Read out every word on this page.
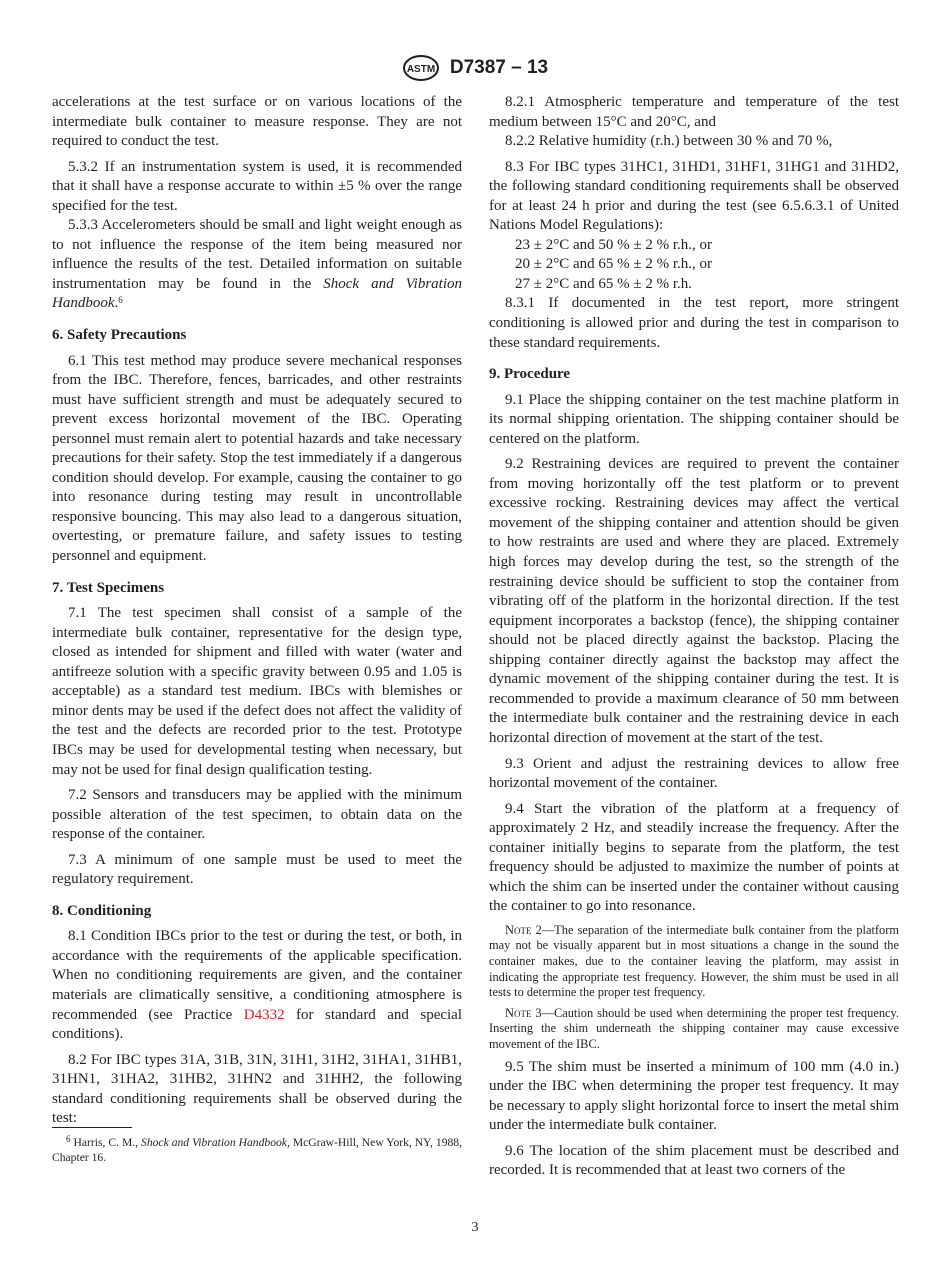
ASTM D7387 – 13

accelerations at the test surface or on various locations of the intermediate bulk container to measure response. They are not required to conduct the test.

5.3.2 If an instrumentation system is used, it is recommended that it shall have a response accurate to within ±5 % over the range specified for the test.

5.3.3 Accelerometers should be small and light weight enough as to not influence the response of the item being measured nor influence the results of the test. Detailed information on suitable instrumentation may be found in the Shock and Vibration Handbook.$^6$

6. Safety Precautions

6.1 This test method may produce severe mechanical responses from the IBC. Therefore, fences, barricades, and other restraints must have sufficient strength and must be adequately secured to prevent excess horizontal movement of the IBC. Operating personnel must remain alert to potential hazards and take necessary precautions for their safety. Stop the test immediately if a dangerous condition should develop. For example, causing the container to go into resonance during testing may result in uncontrollable responsive bouncing. This may also lead to a dangerous situation, overtesting, or premature failure, and safety issues to testing personnel and equipment.

7. Test Specimens

7.1 The test specimen shall consist of a sample of the intermediate bulk container, representative for the design type, closed as intended for shipment and filled with water (water and antifreeze solution with a specific gravity between 0.95 and 1.05 is acceptable) as a standard test medium. IBCs with blemishes or minor dents may be used if the defect does not affect the validity of the test and the defects are recorded prior to the test. Prototype IBCs may be used for developmental testing when necessary, but may not be used for final design qualification testing.

7.2 Sensors and transducers may be applied with the minimum possible alteration of the test specimen, to obtain data on the response of the container.

7.3 A minimum of one sample must be used to meet the regulatory requirement.

8. Conditioning

8.1 Condition IBCs prior to the test or during the test, or both, in accordance with the requirements of the applicable specification. When no conditioning requirements are given, and the container materials are climatically sensitive, a conditioning atmosphere is recommended (see Practice D4332 for standard and special conditions).

8.2 For IBC types 31A, 31B, 31N, 31H1, 31H2, 31HA1, 31HB1, 31HN1, 31HA2, 31HB2, 31HN2 and 31HH2, the following standard conditioning requirements shall be observed during the test:

8.2.1 Atmospheric temperature and temperature of the test medium between 15°C and 20°C, and

8.2.2 Relative humidity (r.h.) between 30 % and 70 %,

8.3 For IBC types 31HC1, 31HD1, 31HF1, 31HG1 and 31HD2, the following standard conditioning requirements shall be observed for at least 24 h prior and during the test (see 6.5.6.3.1 of United Nations Model Regulations):

23 ± 2°C and 50 % ± 2 % r.h., or

20 ± 2°C and 65 % ± 2 % r.h., or

27 ± 2°C and 65 % ± 2 % r.h.

8.3.1 If documented in the test report, more stringent conditioning is allowed prior and during the test in comparison to these standard requirements.

9. Procedure

9.1 Place the shipping container on the test machine platform in its normal shipping orientation. The shipping container should be centered on the platform.

9.2 Restraining devices are required to prevent the container from moving horizontally off the test platform or to prevent excessive rocking. Restraining devices may affect the vertical movement of the shipping container and attention should be given to how restraints are used and where they are placed. Extremely high forces may develop during the test, so the strength of the restraining device should be sufficient to stop the container from vibrating off of the platform in the horizontal direction. If the test equipment incorporates a backstop (fence), the shipping container should not be placed directly against the backstop. Placing the shipping container directly against the backstop may affect the dynamic movement of the shipping container during the test. It is recommended to provide a maximum clearance of 50 mm between the intermediate bulk container and the restraining device in each horizontal direction of movement at the start of the test.

9.3 Orient and adjust the restraining devices to allow free horizontal movement of the container.

9.4 Start the vibration of the platform at a frequency of approximately 2 Hz, and steadily increase the frequency. After the container initially begins to separate from the platform, the test frequency should be adjusted to maximize the number of points at which the shim can be inserted under the container without causing the container to go into resonance.

Note 2—The separation of the intermediate bulk container from the platform may not be visually apparent but in most situations a change in the sound the container makes, due to the container leaving the platform, may assist in indicating the appropriate test frequency. However, the shim must be used in all tests to determine the proper test frequency.

Note 3—Caution should be used when determining the proper test frequency. Inserting the shim underneath the shipping container may cause excessive movement of the IBC.

9.5 The shim must be inserted a minimum of 100 mm (4.0 in.) under the IBC when determining the proper test frequency. It may be necessary to apply slight horizontal force to insert the metal shim under the intermediate bulk container.

9.6 The location of the shim placement must be described and recorded. It is recommended that at least two corners of the

$^6$ Harris, C. M., Shock and Vibration Handbook, McGraw-Hill, New York, NY, 1988, Chapter 16.
3
